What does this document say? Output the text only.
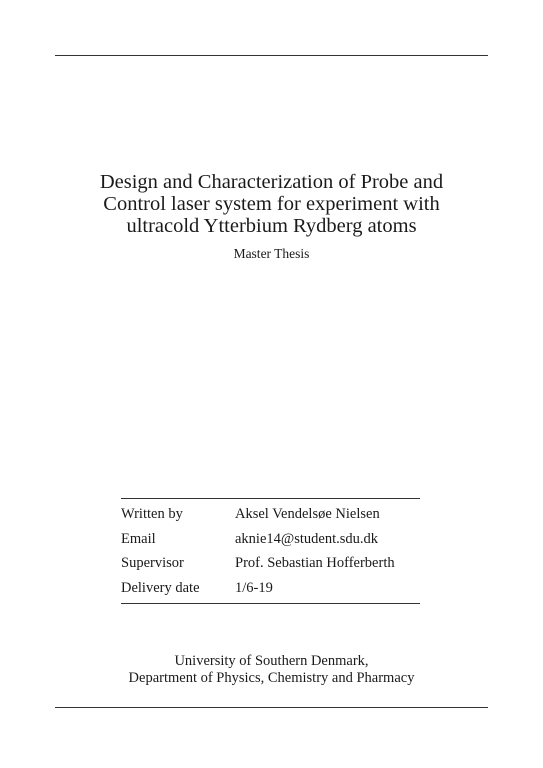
Design and Characterization of Probe and
Control laser system for experiment with
ultracold Ytterbium Rydberg atoms
Master Thesis
Written by	Aksel Vendelsøe Nielsen
Email	aknie14@student.sdu.dk
Supervisor	Prof. Sebastian Hofferberth
Delivery date	1/6-19
University of Southern Denmark,
Department of Physics, Chemistry and Pharmacy
